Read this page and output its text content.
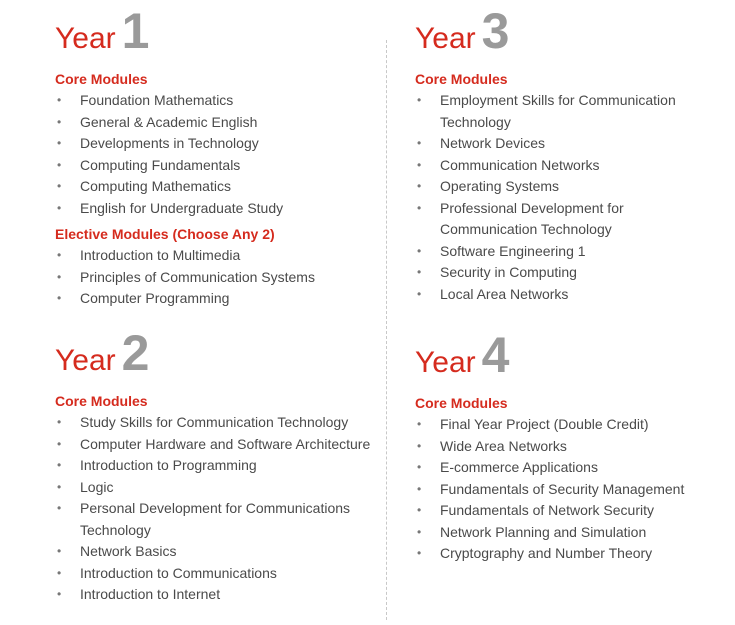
Year 1
Core Modules
• Foundation Mathematics
• General & Academic English
• Developments in Technology
• Computing Fundamentals
• Computing Mathematics
• English for Undergraduate Study
Elective Modules (Choose Any 2)
• Introduction to Multimedia
• Principles of Communication Systems
• Computer Programming
Year 2
Core Modules
• Study Skills for Communication Technology
• Computer Hardware and Software Architecture
• Introduction to Programming
• Logic
• Personal Development for Communications Technology
• Network Basics
• Introduction to Communications
• Introduction to Internet
Year 3
Core Modules
• Employment Skills for Communication Technology
• Network Devices
• Communication Networks
• Operating Systems
• Professional Development for Communication Technology
• Software Engineering 1
• Security in Computing
• Local Area Networks
Year 4
Core Modules
• Final Year Project (Double Credit)
• Wide Area Networks
• E-commerce Applications
• Fundamentals of Security Management
• Fundamentals of Network Security
• Network Planning and Simulation
• Cryptography and Number Theory
